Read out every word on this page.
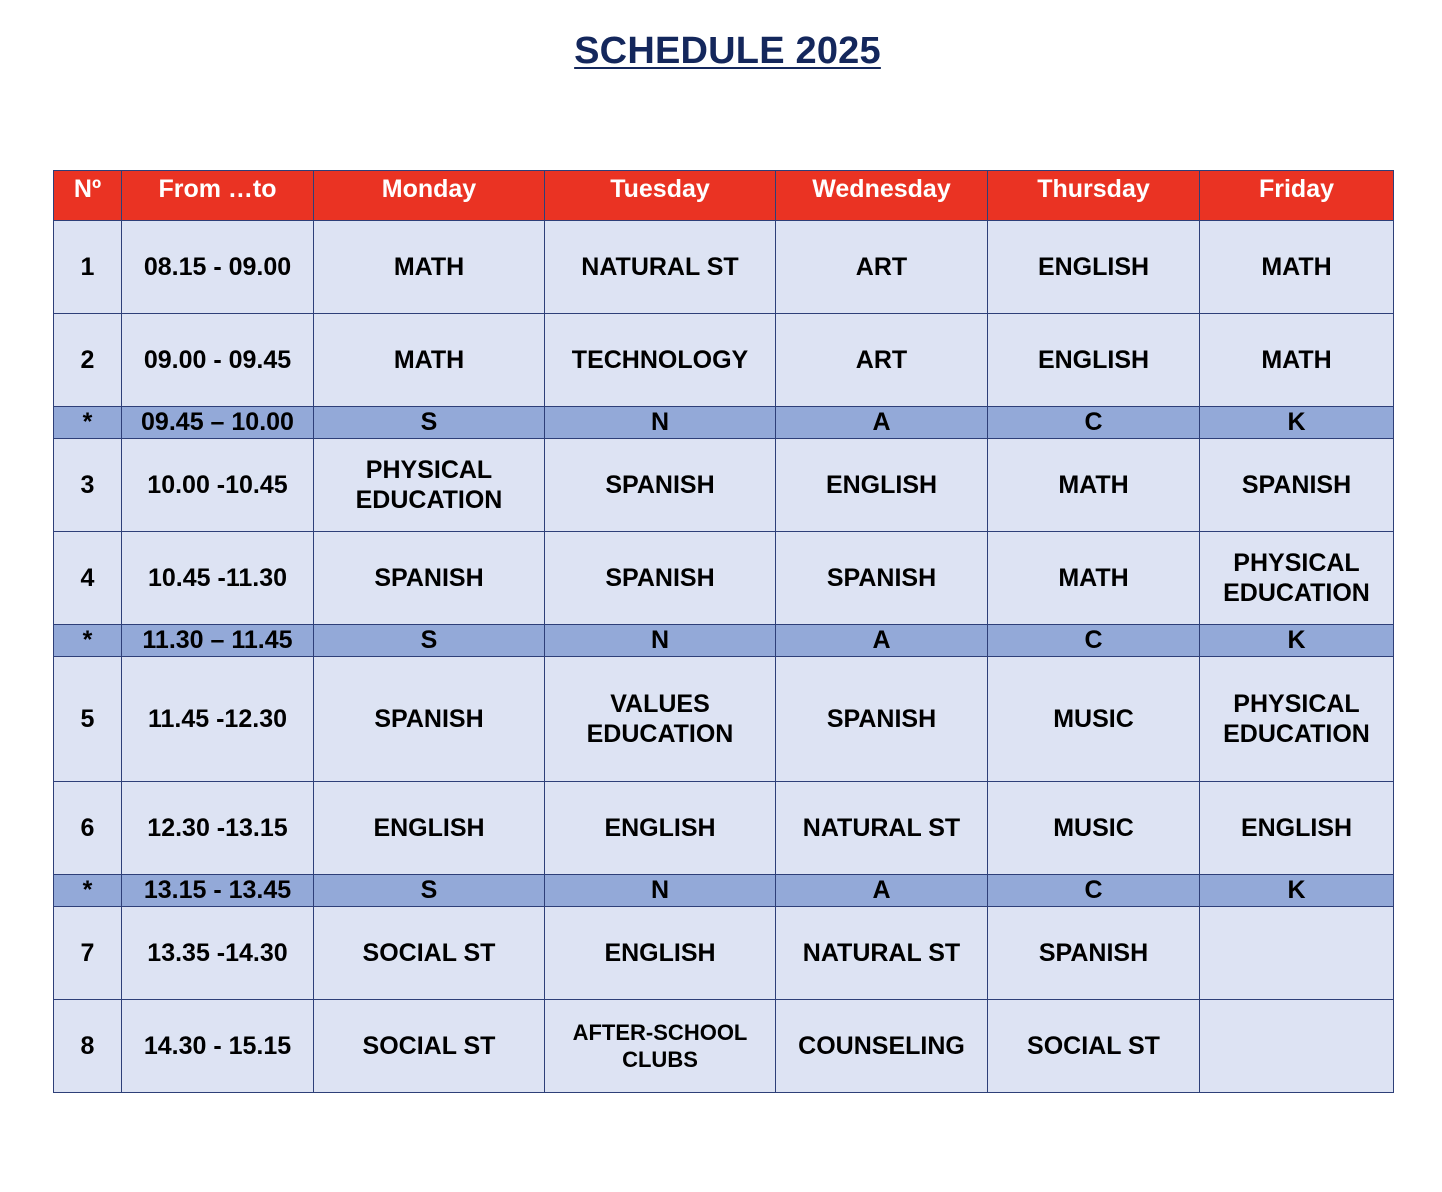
SCHEDULE 2025
Nº	From …to	Monday	Tuesday	Wednesday	Thursday	Friday
1	08.15 - 09.00	MATH	NATURAL ST	ART	ENGLISH	MATH
2	09.00 - 09.45	MATH	TECHNOLOGY	ART	ENGLISH	MATH
*	09.45 – 10.00	S	N	A	C	K
3	10.00 -10.45	PHYSICAL EDUCATION	SPANISH	ENGLISH	MATH	SPANISH
4	10.45 -11.30	SPANISH	SPANISH	SPANISH	MATH	PHYSICAL EDUCATION
*	11.30 – 11.45	S	N	A	C	K
5	11.45 -12.30	SPANISH	VALUES EDUCATION	SPANISH	MUSIC	PHYSICAL EDUCATION
6	12.30 -13.15	ENGLISH	ENGLISH	NATURAL ST	MUSIC	ENGLISH
*	13.15 - 13.45	S	N	A	C	K
7	13.35 -14.30	SOCIAL ST	ENGLISH	NATURAL ST	SPANISH	
8	14.30 - 15.15	SOCIAL ST	AFTER-SCHOOL CLUBS	COUNSELING	SOCIAL ST	
